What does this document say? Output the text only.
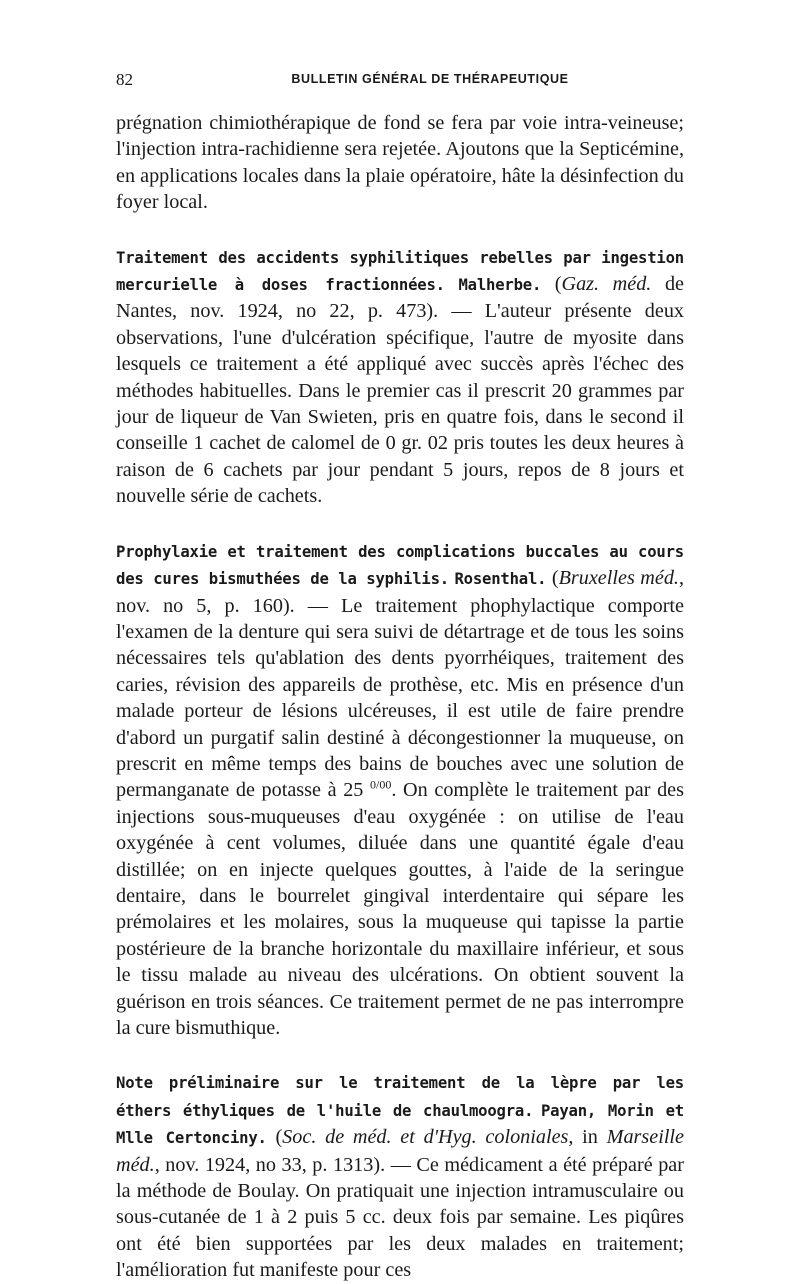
82	BULLETIN GÉNÉRAL DE THÉRAPEUTIQUE

prégnation chimiothérapique de fond se fera par voie intra-veineuse; l'injection intra-rachidienne sera rejetée. Ajoutons que la Septicémine, en applications locales dans la plaie opératoire, hâte la désinfection du foyer local.

Traitement des accidents syphilitiques rebelles par ingestion mercurielle à doses fractionnées. Malherbe. (Gaz. méd. de Nantes, nov. 1924, no 22, p. 473). — L'auteur présente deux observations, l'une d'ulcération spécifique, l'autre de myosite dans lesquels ce traitement a été appliqué avec succès après l'échec des méthodes habituelles. Dans le premier cas il prescrit 20 grammes par jour de liqueur de Van Swieten, pris en quatre fois, dans le second il conseille 1 cachet de calomel de 0 gr. 02 pris toutes les deux heures à raison de 6 cachets par jour pendant 5 jours, repos de 8 jours et nouvelle série de cachets.

Prophylaxie et traitement des complications buccales au cours des cures bismuthées de la syphilis. Rosenthal. (Bruxelles méd., nov. no 5, p. 160). — Le traitement phophylactique comporte l'examen de la denture qui sera suivi de détartrage et de tous les soins nécessaires tels qu'ablation des dents pyorrhéiques, traitement des caries, révision des appareils de prothèse, etc. Mis en présence d'un malade porteur de lésions ulcéreuses, il est utile de faire prendre d'abord un purgatif salin destiné à décongestionner la muqueuse, on prescrit en même temps des bains de bouches avec une solution de permanganate de potasse à 25 $^{0/00}$. On complète le traitement par des injections sous-muqueuses d'eau oxygénée : on utilise de l'eau oxygénée à cent volumes, diluée dans une quantité égale d'eau distillée; on en injecte quelques gouttes, à l'aide de la seringue dentaire, dans le bourrelet gingival interdentaire qui sépare les prémolaires et les molaires, sous la muqueuse qui tapisse la partie postérieure de la branche horizontale du maxillaire inférieur, et sous le tissu malade au niveau des ulcérations. On obtient souvent la guérison en trois séances. Ce traitement permet de ne pas interrompre la cure bismuthique.

Note préliminaire sur le traitement de la lèpre par les éthers éthyliques de l'huile de chaulmoogra. Payan, Morin et Mlle Certonciny. (Soc. de méd. et d'Hyg. coloniales, in Marseille méd., nov. 1924, no 33, p. 1313). — Ce médicament a été préparé par la méthode de Boulay. On pratiquait une injection intramusculaire ou sous-cutanée de 1 à 2 puis 5 cc. deux fois par semaine. Les piqûres ont été bien supportées par les deux malades en traitement; l'amélioration fut manifeste pour ces
